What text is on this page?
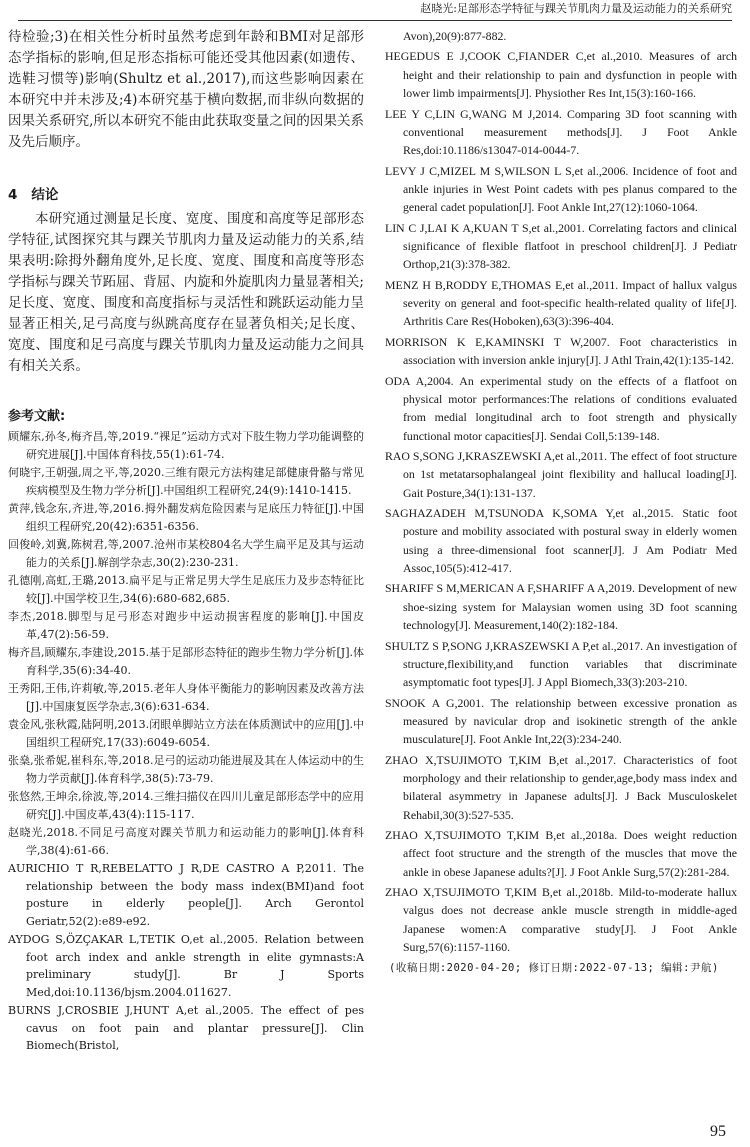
赵晓光:足部形态学特征与踝关节肌肉力量及运动能力的关系研究

待检验;3)在相关性分析时虽然考虑到年龄和BMI对足部形态学指标的影响,但足形态指标可能还受其他因素(如遗传、选鞋习惯等)影响(Shultz et al.,2017),而这些影响因素在本研究中并未涉及;4)本研究基于横向数据,而非纵向数据的因果关系研究,所以本研究不能由此获取变量之间的因果关系及先后顺序。

4 结论

本研究通过测量足长度、宽度、围度和高度等足部形态学特征,试图探究其与踝关节肌肉力量及运动能力的关系,结果表明:除拇外翻角度外,足长度、宽度、围度和高度等形态学指标与踝关节跖屈、背屈、内旋和外旋肌肉力量显著相关;足长度、宽度、围度和高度指标与灵活性和跳跃运动能力呈显著正相关,足弓高度与纵跳高度存在显著负相关;足长度、宽度、围度和足弓高度与踝关节肌肉力量及运动能力之间具有相关关系。

参考文献:

顾耀东,孙冬,梅齐昌,等,2019.“裸足”运动方式对下肢生物力学功能调整的研究进展[J].中国体育科技,55(1):61-74.

何晓宇,王朝强,周之平,等,2020.三维有限元方法构建足部健康骨骼与常见疾病模型及生物力学分析[J].中国组织工程研究,24(9):1410-1415.

黄萍,钱念东,齐进,等,2016.拇外翻发病危险因素与足底压力特征[J].中国组织工程研究,20(42):6351-6356.

回俊岭,刘冀,陈树君,等,2007.沧州市某校804名大学生扁平足及其与运动能力的关系[J].解剖学杂志,30(2):230-231.

孔德刚,高虹,王璐,2013.扁平足与正常足男大学生足底压力及步态特征比较[J].中国学校卫生,34(6):680-682,685.

李杰,2018.脚型与足弓形态对跑步中运动损害程度的影响[J].中国皮革,47(2):56-59.

梅齐昌,顾耀东,李建设,2015.基于足部形态特征的跑步生物力学分析[J].体育科学,35(6):34-40.

王秀阳,王伟,许莉敏,等,2015.老年人身体平衡能力的影响因素及改善方法[J].中国康复医学杂志,3(6):631-634.

袁金风,张秋霞,陆阿明,2013.闭眼单脚站立方法在体质测试中的应用[J].中国组织工程研究,17(33):6049-6054.

张燊,张希妮,崔科东,等,2018.足弓的运动功能进展及其在人体运动中的生物力学贡献[J].体育科学,38(5):73-79.

张悠然,王坤余,徐波,等,2014.三维扫描仪在四川儿童足部形态学中的应用研究[J].中国皮革,43(4):115-117.

赵晓光,2018.不同足弓高度对踝关节肌力和运动能力的影响[J].体育科学,38(4):61-66.

AURICHIO T R,REBELATTO J R,DE CASTRO A P,2011. The relationship between the body mass index(BMI)and foot posture in elderly people[J]. Arch Gerontol Geriatr,52(2):e89-e92.

AYDOG S,ÖZÇAKAR L,TETIK O,et al.,2005. Relation between foot arch index and ankle strength in elite gymnasts:A preliminary study[J]. Br J Sports Med,doi:10.1136/bjsm.2004.011627.

BURNS J,CROSBIE J,HUNT A,et al.,2005. The effect of pes cavus on foot pain and plantar pressure[J]. Clin Biomech(Bristol,

Avon),20(9):877-882.

HEGEDUS E J,COOK C,FIANDER C,et al.,2010. Measures of arch height and their relationship to pain and dysfunction in people with lower limb impairments[J]. Physiother Res Int,15(3):160-166.

LEE Y C,LIN G,WANG M J,2014. Comparing 3D foot scanning with conventional measurement methods[J]. J Foot Ankle Res,doi:10.1186/s13047-014-0044-7.

LEVY J C,MIZEL M S,WILSON L S,et al.,2006. Incidence of foot and ankle injuries in West Point cadets with pes planus compared to the general cadet population[J]. Foot Ankle Int,27(12):1060-1064.

LIN C J,LAI K A,KUAN T S,et al.,2001. Correlating factors and clinical significance of flexible flatfoot in preschool children[J]. J Pediatr Orthop,21(3):378-382.

MENZ H B,RODDY E,THOMAS E,et al.,2011. Impact of hallux valgus severity on general and foot-specific health-related quality of life[J]. Arthritis Care Res(Hoboken),63(3):396-404.

MORRISON K E,KAMINSKI T W,2007. Foot characteristics in association with inversion ankle injury[J]. J Athl Train,42(1):135-142.

ODA A,2004. An experimental study on the effects of a flatfoot on physical motor performances:The relations of conditions evaluated from medial longitudinal arch to foot strength and physically functional motor capacities[J]. Sendai Coll,5:139-148.

RAO S,SONG J,KRASZEWSKI A,et al.,2011. The effect of foot structure on 1st metatarsophalangeal joint flexibility and hallucal loading[J]. Gait Posture,34(1):131-137.

SAGHAZADEH M,TSUNODA K,SOMA Y,et al.,2015. Static foot posture and mobility associated with postural sway in elderly women using a three-dimensional foot scanner[J]. J Am Podiatr Med Assoc,105(5):412-417.

SHARIFF S M,MERICAN A F,SHARIFF A A,2019. Development of new shoe-sizing system for Malaysian women using 3D foot scanning technology[J]. Measurement,140(2):182-184.

SHULTZ S P,SONG J,KRASZEWSKI A P,et al.,2017. An investigation of structure,flexibility,and function variables that discriminate asymptomatic foot types[J]. J Appl Biomech,33(3):203-210.

SNOOK A G,2001. The relationship between excessive pronation as measured by navicular drop and isokinetic strength of the ankle musculature[J]. Foot Ankle Int,22(3):234-240.

ZHAO X,TSUJIMOTO T,KIM B,et al.,2017. Characteristics of foot morphology and their relationship to gender,age,body mass index and bilateral asymmetry in Japanese adults[J]. J Back Musculoskelet Rehabil,30(3):527-535.

ZHAO X,TSUJIMOTO T,KIM B,et al.,2018a. Does weight reduction affect foot structure and the strength of the muscles that move the ankle in obese Japanese adults?[J]. J Foot Ankle Surg,57(2):281-284.

ZHAO X,TSUJIMOTO T,KIM B,et al.,2018b. Mild-to-moderate hallux valgus does not decrease ankle muscle strength in middle-aged Japanese women:A comparative study[J]. J Foot Ankle Surg,57(6):1157-1160.

(收稿日期:2020-04-20; 修订日期:2022-07-13; 编辑:尹航)
95
